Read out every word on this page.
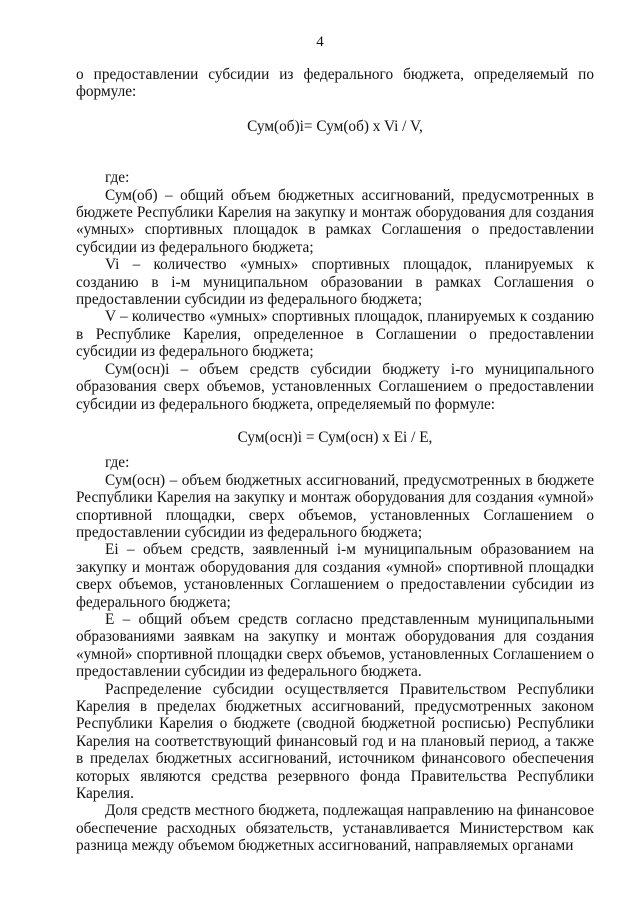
4

о предоставлении субсидии из федерального бюджета, определяемый по формуле:

Сум(об)i= Сум(об) x Vi / V,

где:

Сум(об) – общий объем бюджетных ассигнований, предусмотренных в бюджете Республики Карелия на закупку и монтаж оборудования для создания «умных» спортивных площадок в рамках Соглашения о предоставлении субсидии из федерального бюджета;

Vi – количество «умных» спортивных площадок, планируемых к созданию в i-м муниципальном образовании в рамках Соглашения о предоставлении субсидии из федерального бюджета;

V – количество «умных» спортивных площадок, планируемых к созданию в Республике Карелия, определенное в Соглашении о предоставлении субсидии из федерального бюджета;

Сум(осн)i – объем средств субсидии бюджету i-го муниципального образования сверх объемов, установленных Соглашением о предоставлении субсидии из федерального бюджета, определяемый по формуле:

Сум(осн)i = Сум(осн) x Ei / E,

где:

Сум(осн) – объем бюджетных ассигнований, предусмотренных в бюджете Республики Карелия на закупку и монтаж оборудования для создания «умной» спортивной площадки, сверх объемов, установленных Соглашением о предоставлении субсидии из федерального бюджета;

Ei – объем средств, заявленный i-м муниципальным образованием на закупку и монтаж оборудования для создания «умной» спортивной площадки сверх объемов, установленных Соглашением о предоставлении субсидии из федерального бюджета;

E – общий объем средств согласно представленным муниципальными образованиями заявкам на закупку и монтаж оборудования для создания «умной» спортивной площадки сверх объемов, установленных Соглашением о предоставлении субсидии из федерального бюджета.

Распределение субсидии осуществляется Правительством Республики Карелия в пределах бюджетных ассигнований, предусмотренных законом Республики Карелия о бюджете (сводной бюджетной росписью) Республики Карелия на соответствующий финансовый год и на плановый период, а также в пределах бюджетных ассигнований, источником финансового обеспечения которых являются средства резервного фонда Правительства Республики Карелия.

Доля средств местного бюджета, подлежащая направлению на финансовое обеспечение расходных обязательств, устанавливается Министерством как разница между объемом бюджетных ассигнований, направляемых органами
